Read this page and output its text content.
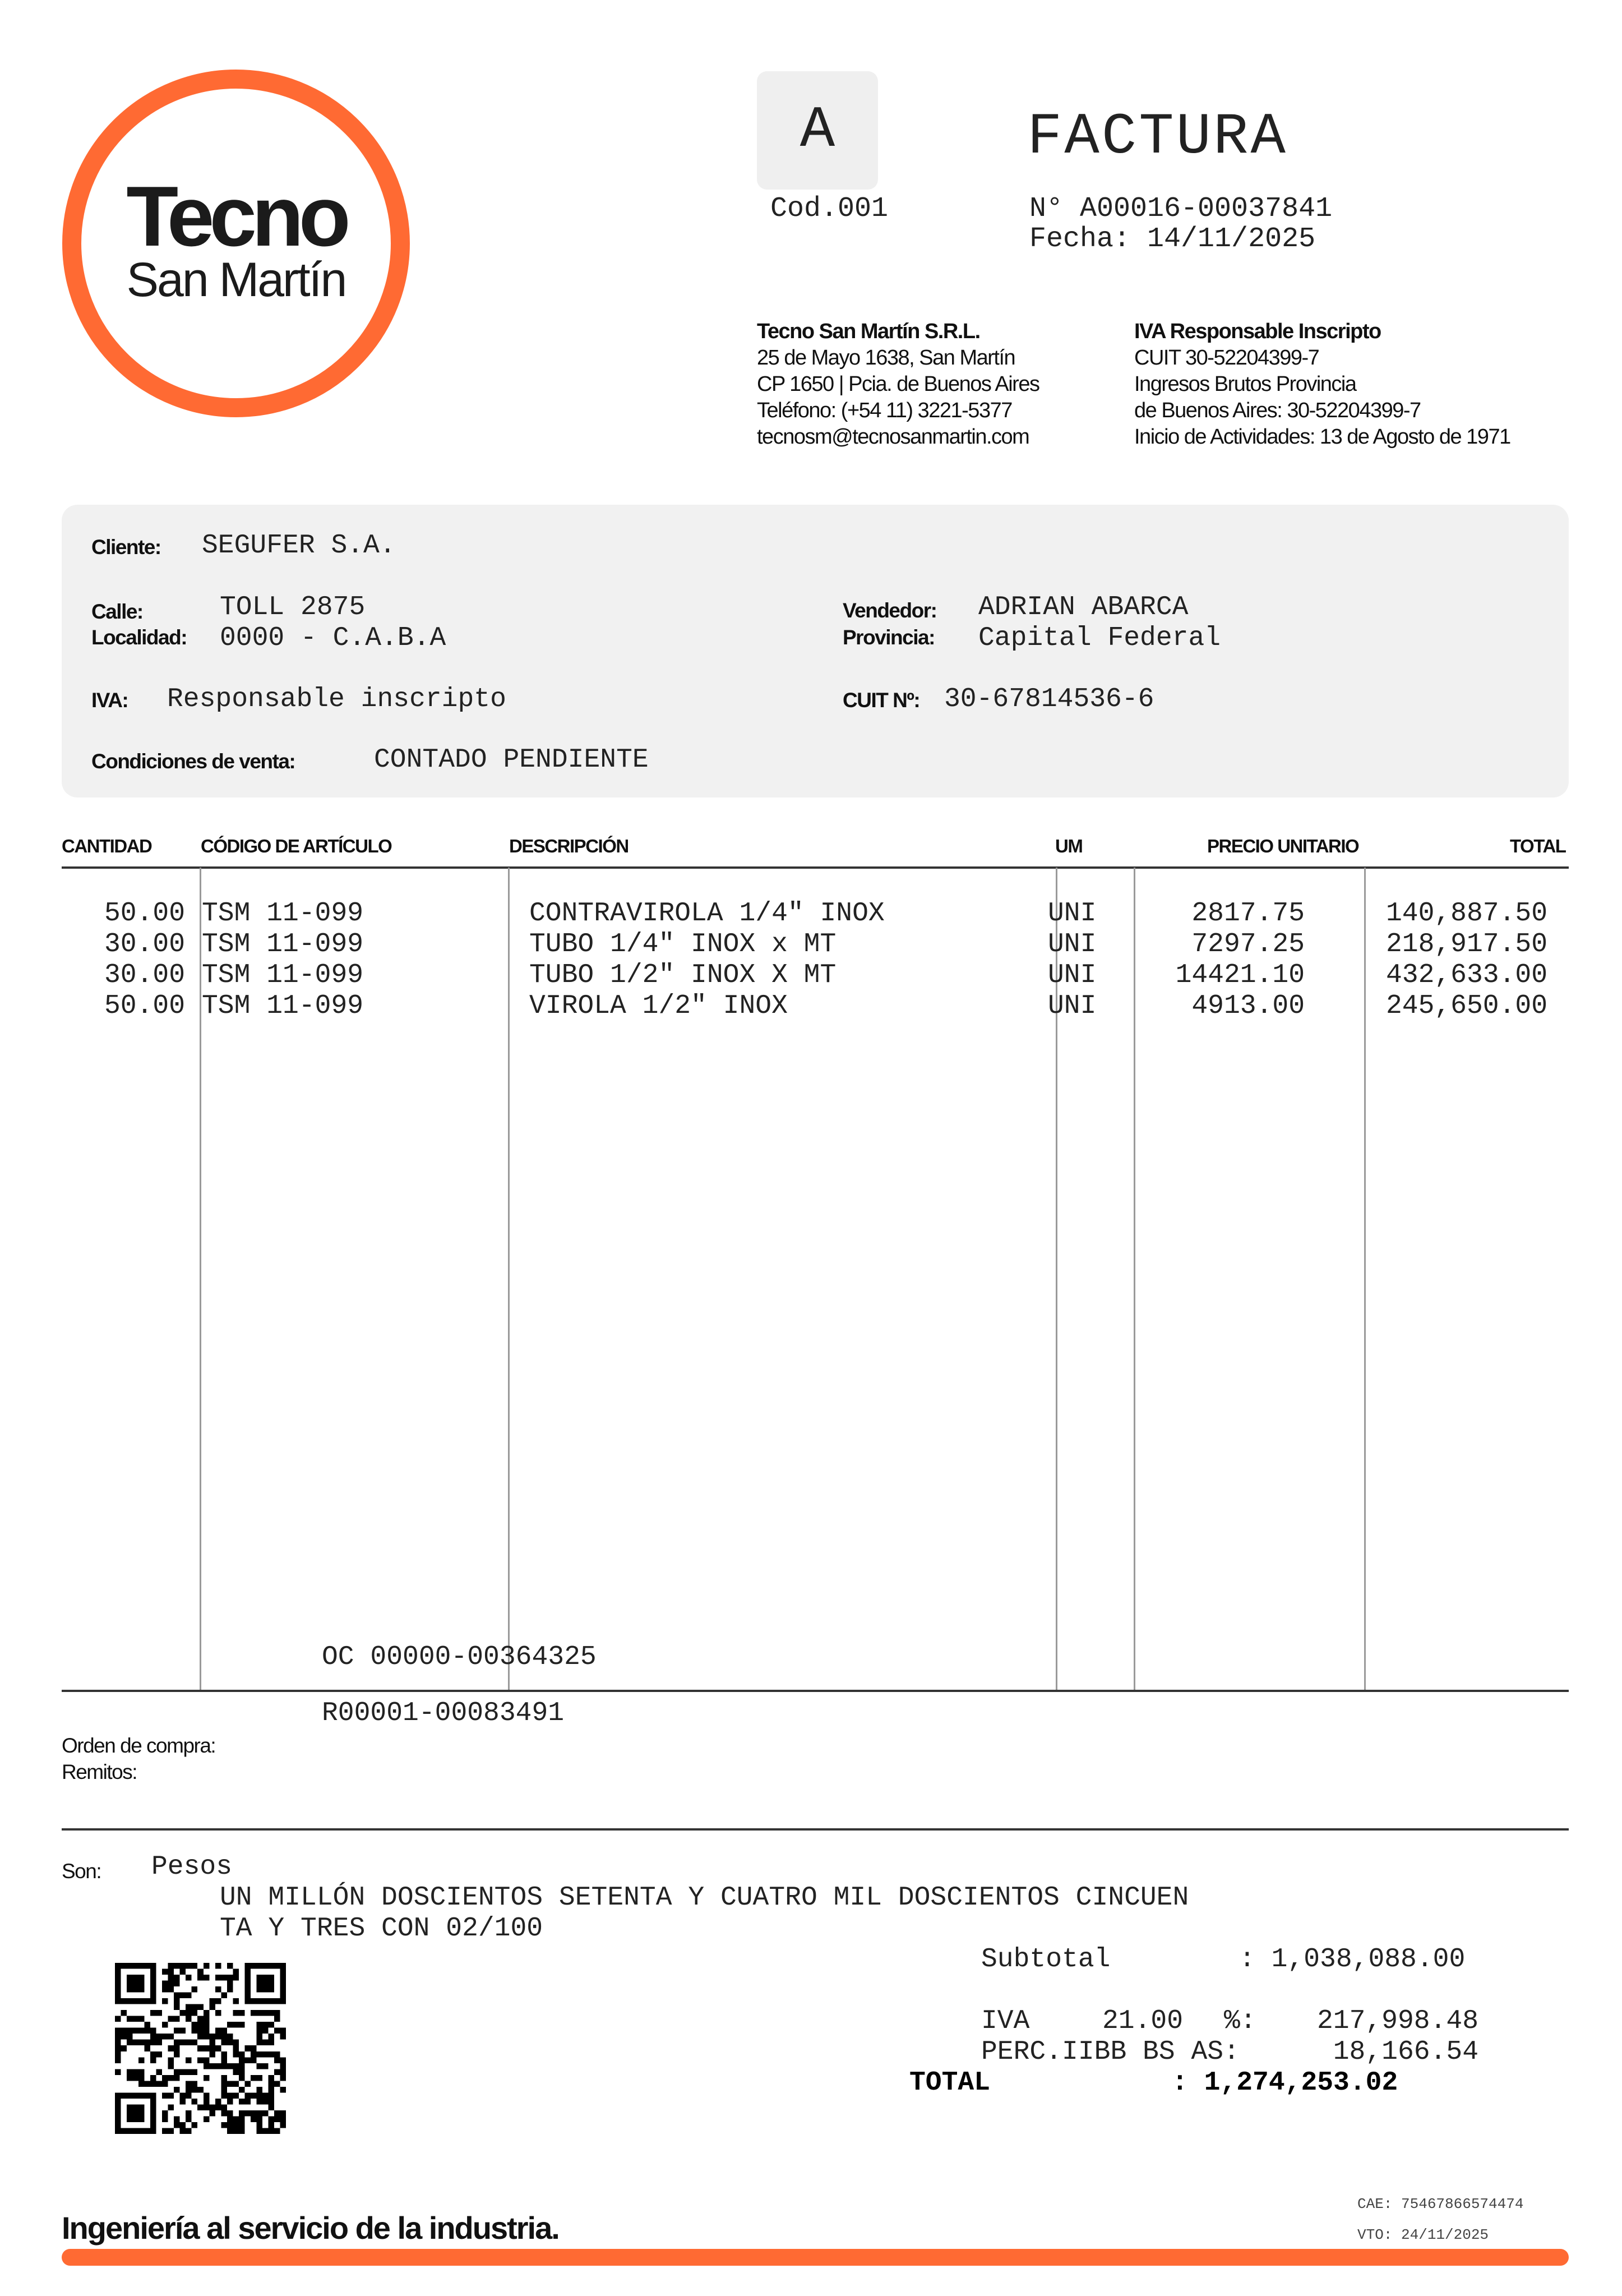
Tecno
San Martín
A
Cod.001
FACTURA
N° A00016-00037841
Fecha: 14/11/2025
Tecno San Martín S.R.L.
25 de Mayo 1638, San Martín
CP 1650 | Pcia. de Buenos Aires
Teléfono: (+54 11) 3221-5377
tecnosm@tecnosanmartin.com
IVA Responsable Inscripto
CUIT 30-52204399-7
Ingresos Brutos Provincia
de Buenos Aires: 30-52204399-7
Inicio de Actividades: 13 de Agosto de 1971
Cliente: SEGUFER S.A.
Calle:	TOLL 2875
Localidad: 0000 - C.A.B.A
Vendedor: ADRIAN ABARCA
Provincia: Capital Federal
IVA: Responsable inscripto	CUIT Nº: 30-67814536-6
Condiciones de venta:	CONTADO PENDIENTE
CANTIDAD	CÓDIGO DE ARTÍCULO	DESCRIPCIÓN	UM	PRECIO UNITARIO	TOTAL
50.00 TSM 11-099	CONTRAVIROLA 1/4" INOX	UNI	2817.75	140,887.50
30.00 TSM 11-099	TUBO 1/4" INOX x MT	UNI	7297.25	218,917.50
30.00 TSM 11-099	TUBO 1/2" INOX X MT	UNI	14421.10	432,633.00
50.00 TSM 11-099	VIROLA 1/2" INOX	UNI	4913.00	245,650.00
OC 00000-00364325
R00001-00083491
Orden de compra:
Remitos:
Son: Pesos
UN MILLÓN DOSCIENTOS SETENTA Y CUATRO MIL DOSCIENTOS CINCUEN
TA Y TRES CON 02/100
Subtotal	: 1,038,088.00
IVA	21.00 %: 217,998.48
PERC.IIBB BS AS:	18,166.54
TOTAL	: 1,274,253.02
Ingeniería al servicio de la industria.
CAE: 75467866574474
VTO: 24/11/2025
